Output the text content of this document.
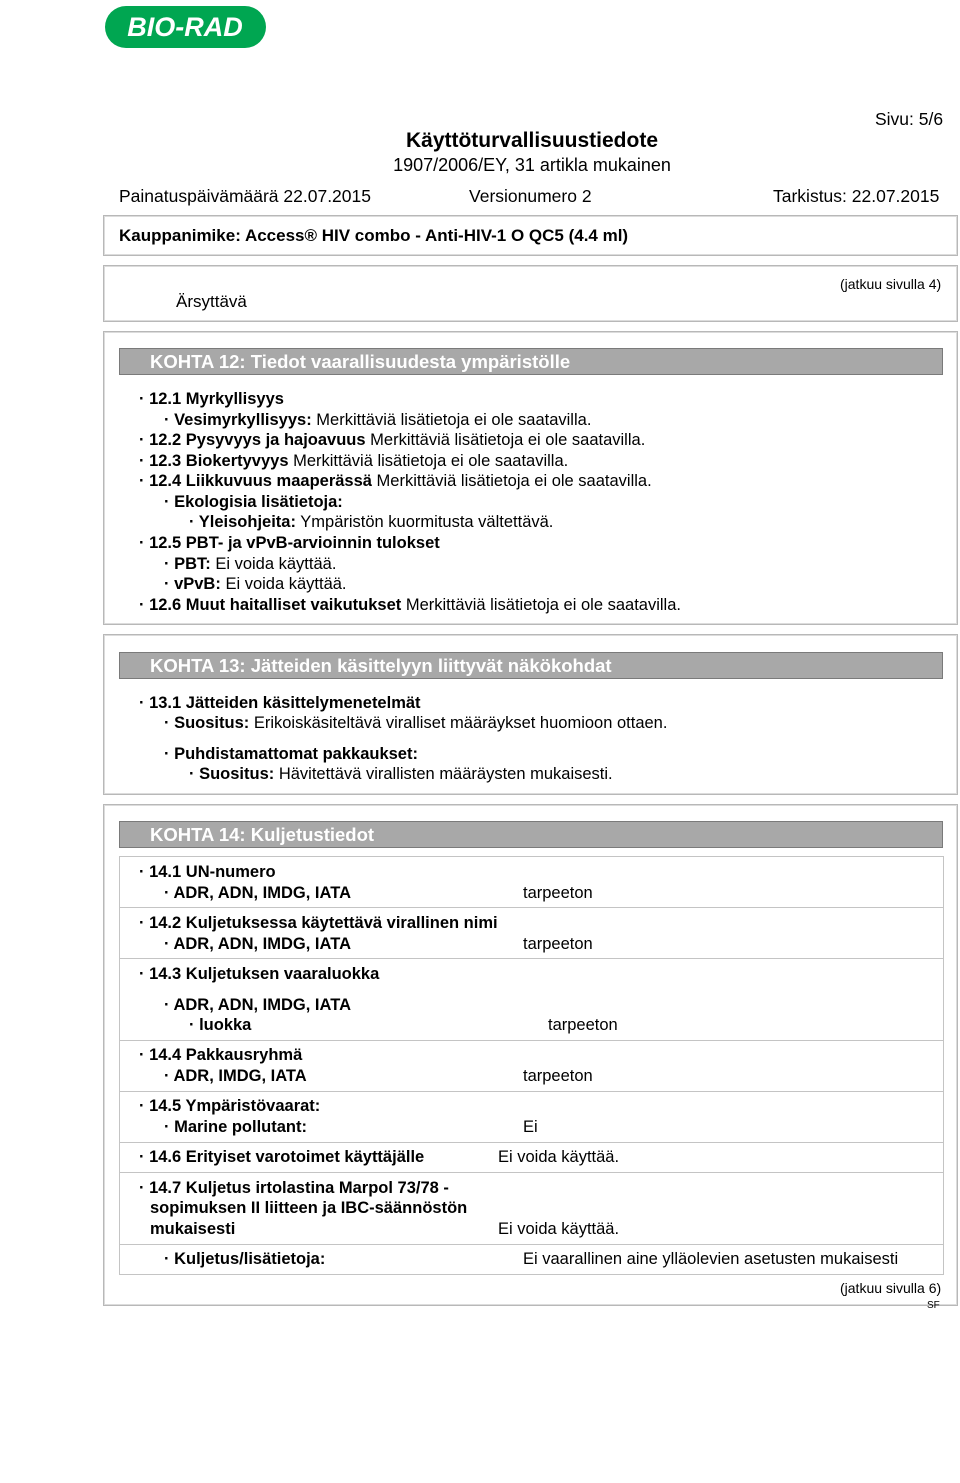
BIO-RAD
Sivu: 5/6
Käyttöturvallisuustiedote
1907/2006/EY, 31 artikla mukainen
Painatuspäivämäärä 22.07.2015	Versionumero 2	Tarkistus: 22.07.2015
Kauppanimike: Access® HIV combo - Anti-HIV-1 O QC5 (4.4 ml)
(jatkuu sivulla 4)
Ärsyttävä
KOHTA 12: Tiedot vaarallisuudesta ympäristölle
· 12.1 Myrkyllisyys
· Vesimyrkyllisyys: Merkittäviä lisätietoja ei ole saatavilla.
· 12.2 Pysyvyys ja hajoavuus Merkittäviä lisätietoja ei ole saatavilla.
· 12.3 Biokertyvyys Merkittäviä lisätietoja ei ole saatavilla.
· 12.4 Liikkuvuus maaperässä Merkittäviä lisätietoja ei ole saatavilla.
· Ekologisia lisätietoja:
· Yleisohjeita: Ympäristön kuormitusta vältettävä.
· 12.5 PBT- ja vPvB-arvioinnin tulokset
· PBT: Ei voida käyttää.
· vPvB: Ei voida käyttää.
· 12.6 Muut haitalliset vaikutukset Merkittäviä lisätietoja ei ole saatavilla.
KOHTA 13: Jätteiden käsittelyyn liittyvät näkökohdat
· 13.1 Jätteiden käsittelymenetelmät
· Suositus: Erikoiskäsiteltävä viralliset määräykset huomioon ottaen.
· Puhdistamattomat pakkaukset:
· Suositus: Hävitettävä virallisten määräysten mukaisesti.
KOHTA 14: Kuljetustiedot
· 14.1 UN-numero
· ADR, ADN, IMDG, IATA	tarpeeton
· 14.2 Kuljetuksessa käytettävä virallinen nimi
· ADR, ADN, IMDG, IATA	tarpeeton
· 14.3 Kuljetuksen vaaraluokka
· ADR, ADN, IMDG, IATA
· luokka	tarpeeton
· 14.4 Pakkausryhmä
· ADR, IMDG, IATA	tarpeeton
· 14.5 Ympäristövaarat:
· Marine pollutant:	Ei
· 14.6 Erityiset varotoimet käyttäjälle	Ei voida käyttää.
· 14.7 Kuljetus irtolastina Marpol 73/78 -
sopimuksen II liitteen ja IBC-säännöstön
mukaisesti	Ei voida käyttää.
· Kuljetus/lisätietoja:	Ei vaarallinen aine ylläolevien asetusten mukaisesti
(jatkuu sivulla 6)
SF
